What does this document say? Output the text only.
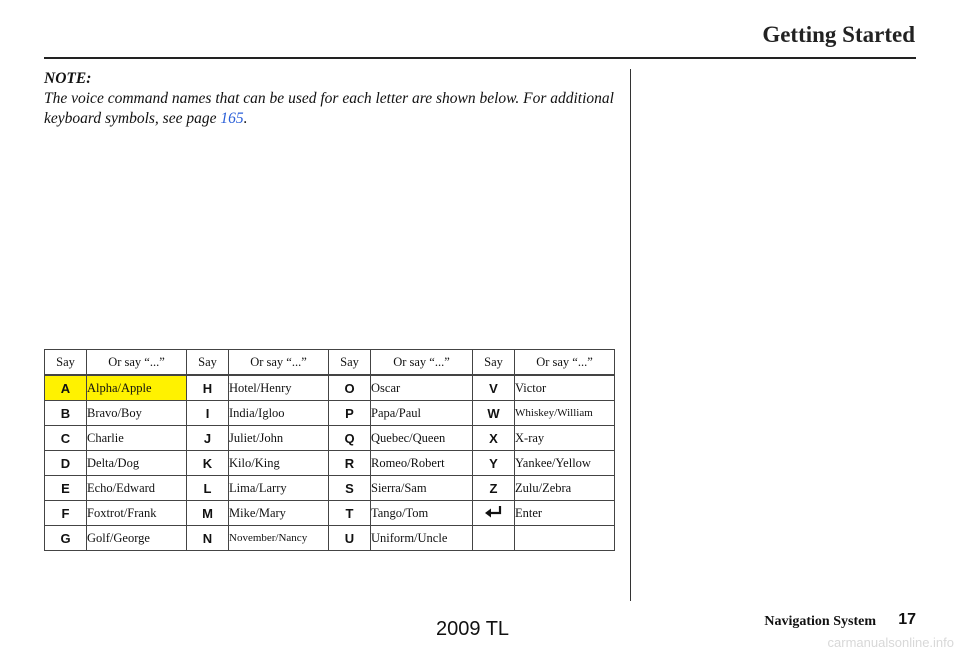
Getting Started
NOTE:
The voice command names that can be used for each letter are shown below. For additional keyboard symbols, see page 165.
Say	Or say “...”	Say	Or say “...”	Say	Or say “...”	Say	Or say “...”
A	Alpha/Apple	H	Hotel/Henry	O	Oscar	V	Victor
B	Bravo/Boy	I	India/Igloo	P	Papa/Paul	W	Whiskey/William
C	Charlie	J	Juliet/John	Q	Quebec/Queen	X	X-ray
D	Delta/Dog	K	Kilo/King	R	Romeo/Robert	Y	Yankee/Yellow
E	Echo/Edward	L	Lima/Larry	S	Sierra/Sam	Z	Zulu/Zebra
F	Foxtrot/Frank	M	Mike/Mary	T	Tango/Tom		Enter
G	Golf/George	N	November/Nancy	U	Uniform/Uncle		
Navigation System 17
2009 TL
carmanualsonline.info
